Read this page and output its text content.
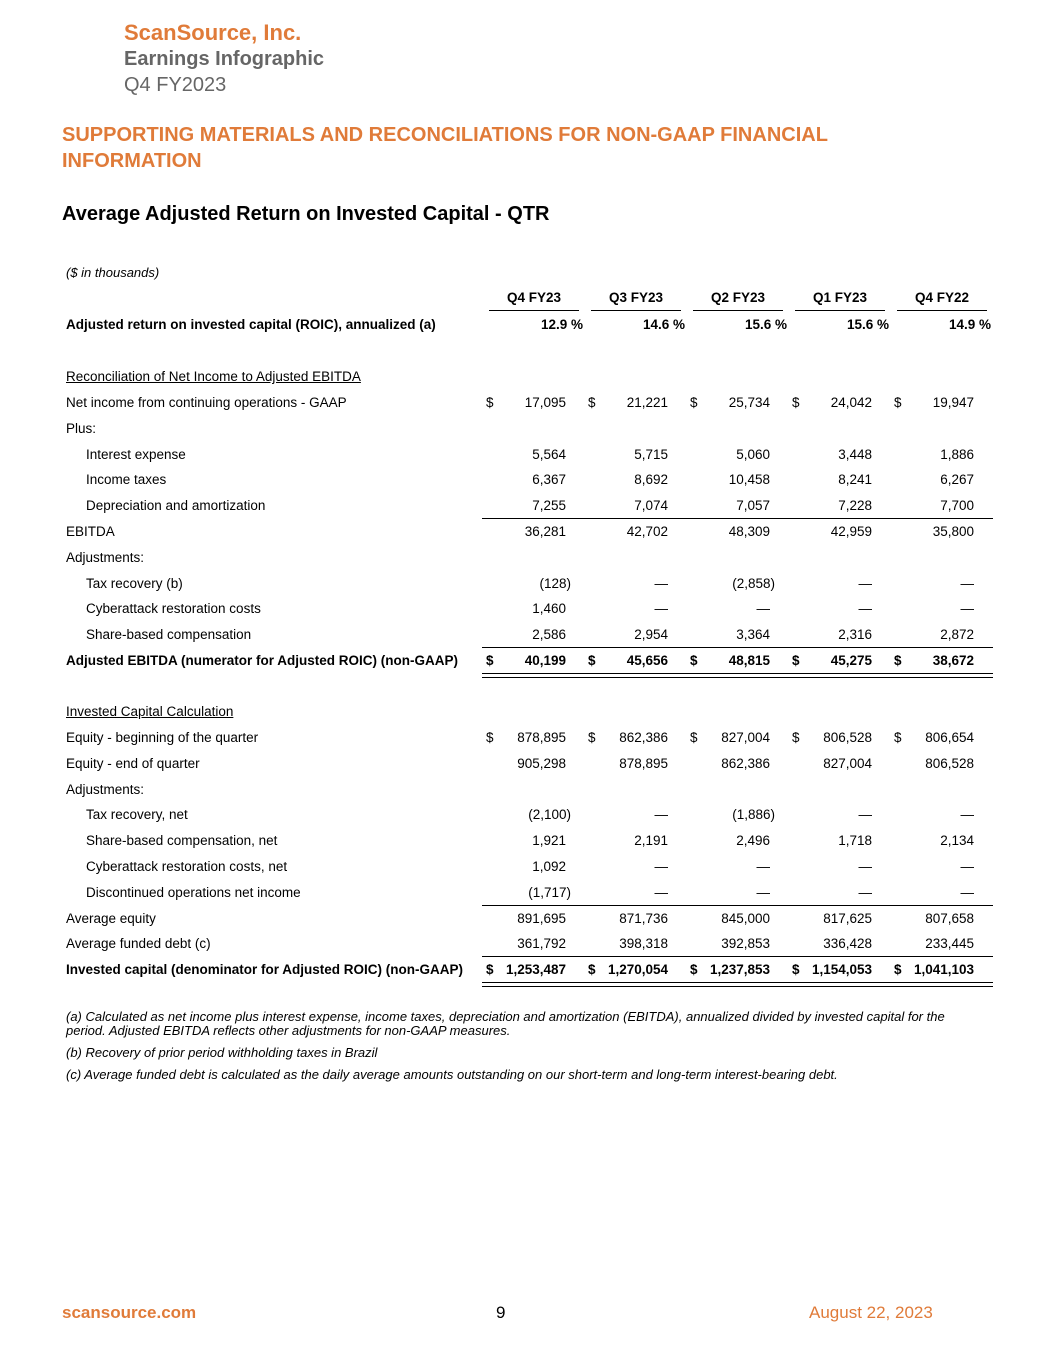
ScanSource, Inc.
Earnings Infographic
Q4 FY2023
SUPPORTING MATERIALS AND RECONCILIATIONS FOR NON-GAAP FINANCIAL INFORMATION
Average Adjusted Return on Invested Capital - QTR
($ in thousands)
Q4 FY23	Q3 FY23	Q2 FY23	Q1 FY23	Q4 FY22
Adjusted return on invested capital (ROIC), annualized (a)	12.9 %	14.6 %	15.6 %	15.6 %	14.9 %
Reconciliation of Net Income to Adjusted EBITDA
Net income from continuing operations - GAAP	$ 17,095 $ 21,221 $ 25,734 $ 24,042 $ 19,947
Plus:
Interest expense	5,564	5,715	5,060	3,448	1,886
Income taxes	6,367	8,692	10,458	8,241	6,267
Depreciation and amortization	7,255	7,074	7,057	7,228	7,700
EBITDA	36,281	42,702	48,309	42,959	35,800
Adjustments:
Tax recovery (b)	(128)	—	(2,858)	—	—
Cyberattack restoration costs	1,460	—	—	—	—
Share-based compensation	2,586	2,954	3,364	2,316	2,872
Adjusted EBITDA (numerator for Adjusted ROIC) (non-GAAP) $ 40,199 $ 45,656 $ 48,815 $ 45,275 $ 38,672
Invested Capital Calculation
Equity - beginning of the quarter	$ 878,895 $ 862,386 $ 827,004 $ 806,528 $ 806,654
Equity - end of quarter	905,298	878,895	862,386	827,004	806,528
Adjustments:
Tax recovery, net	(2,100)	—	(1,886)	—	—
Share-based compensation, net	1,921	2,191	2,496	1,718	2,134
Cyberattack restoration costs, net	1,092	—	—	—	—
Discontinued operations net income	(1,717)	—	—	—	—
Average equity	891,695	871,736	845,000	817,625	807,658
Average funded debt (c)	361,792	398,318	392,853	336,428	233,445
Invested capital (denominator for Adjusted ROIC) (non-GAAP) $ 1,253,487 $ 1,270,054 $ 1,237,853 $ 1,154,053 $ 1,041,103

(a) Calculated as net income plus interest expense, income taxes, depreciation and amortization (EBITDA), annualized divided by invested capital for the period. Adjusted EBITDA reflects other adjustments for non-GAAP measures.

(b) Recovery of prior period withholding taxes in Brazil

(c) Average funded debt is calculated as the daily average amounts outstanding on our short-term and long-term interest-bearing debt.

scansource.com	9	August 22, 2023
